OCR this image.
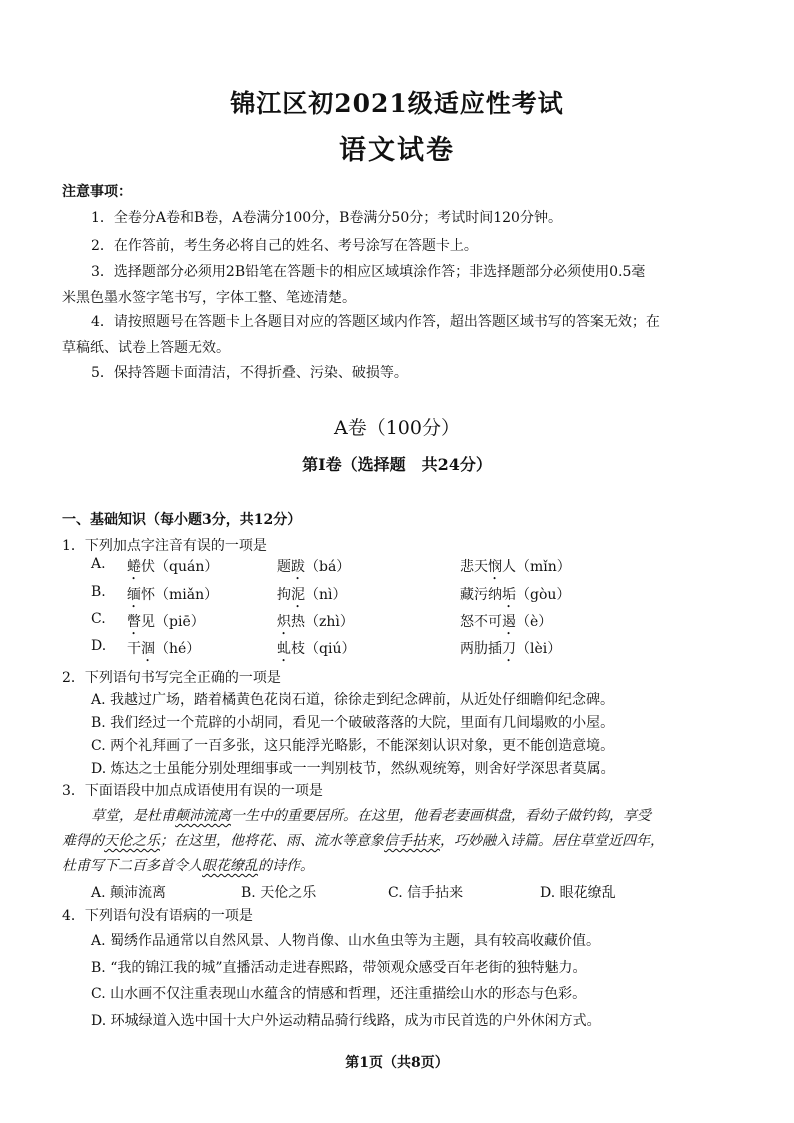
锦江区初2021级适应性考试
语文试卷
注意事项：
1．全卷分A卷和B卷，A卷满分100分，B卷满分50分；考试时间120分钟。
2．在作答前，考生务必将自己的姓名、考号涂写在答题卡上。
3．选择题部分必须用2B铅笔在答题卡的相应区域填涂作答；非选择题部分必须使用0.5毫
米黑色墨水签字笔书写，字体工整、笔迹清楚。
4．请按照题号在答题卡上各题目对应的答题区域内作答，超出答题区域书写的答案无效；在
草稿纸、试卷上答题无效。
5．保持答题卡面清洁，不得折叠、污染、破损等。
A卷（100分）
第Ⅰ卷（选择题　共24分）
一、基础知识（每小题3分，共12分）
1．下列加点字注音有误的一项是
A. 蜷伏（quán）	题跋（bá）	悲天悯人（mǐn）
B. 缅怀（miǎn）	拘泥（nì）	藏污纳垢（gòu）
C. 瞥见（piē）	炽热（zhì）	怒不可遏（è）
D. 干涸（hé）	虬枝（qiú）	两肋插刀（lèi）
2．下列语句书写完全正确的一项是
A. 我越过广场，踏着橘黄色花岗石道，徐徐走到纪念碑前，从近处仔细瞻仰纪念碑。
B. 我们经过一个荒辟的小胡同，看见一个破破落落的大院，里面有几间塌败的小屋。
C. 两个礼拜画了一百多张，这只能浮光略影，不能深刻认识对象，更不能创造意境。
D. 炼达之士虽能分别处理细事或一一判别枝节，然纵观统筹，则舍好学深思者莫属。
3．下面语段中加点成语使用有误的一项是
草堂，是杜甫颠沛流离一生中的重要居所。在这里，他看老妻画棋盘，看幼子做钓钩，享受
难得的天伦之乐；在这里，他将花、雨、流水等意象信手拈来，巧妙融入诗篇。居住草堂近四年，
杜甫写下二百多首令人眼花缭乱的诗作。
A. 颠沛流离	B. 天伦之乐	C. 信手拈来	D. 眼花缭乱
4．下列语句没有语病的一项是
A. 蜀绣作品通常以自然风景、人物肖像、山水鱼虫等为主题，具有较高收藏价值。
B. “我的锦江我的城”直播活动走进春熙路，带领观众感受百年老街的独特魅力。
C. 山水画不仅注重表现山水蕴含的情感和哲理，还注重描绘山水的形态与色彩。
D. 环城绿道入选中国十大户外运动精品骑行线路，成为市民首选的户外休闲方式。
第1页（共8页）
